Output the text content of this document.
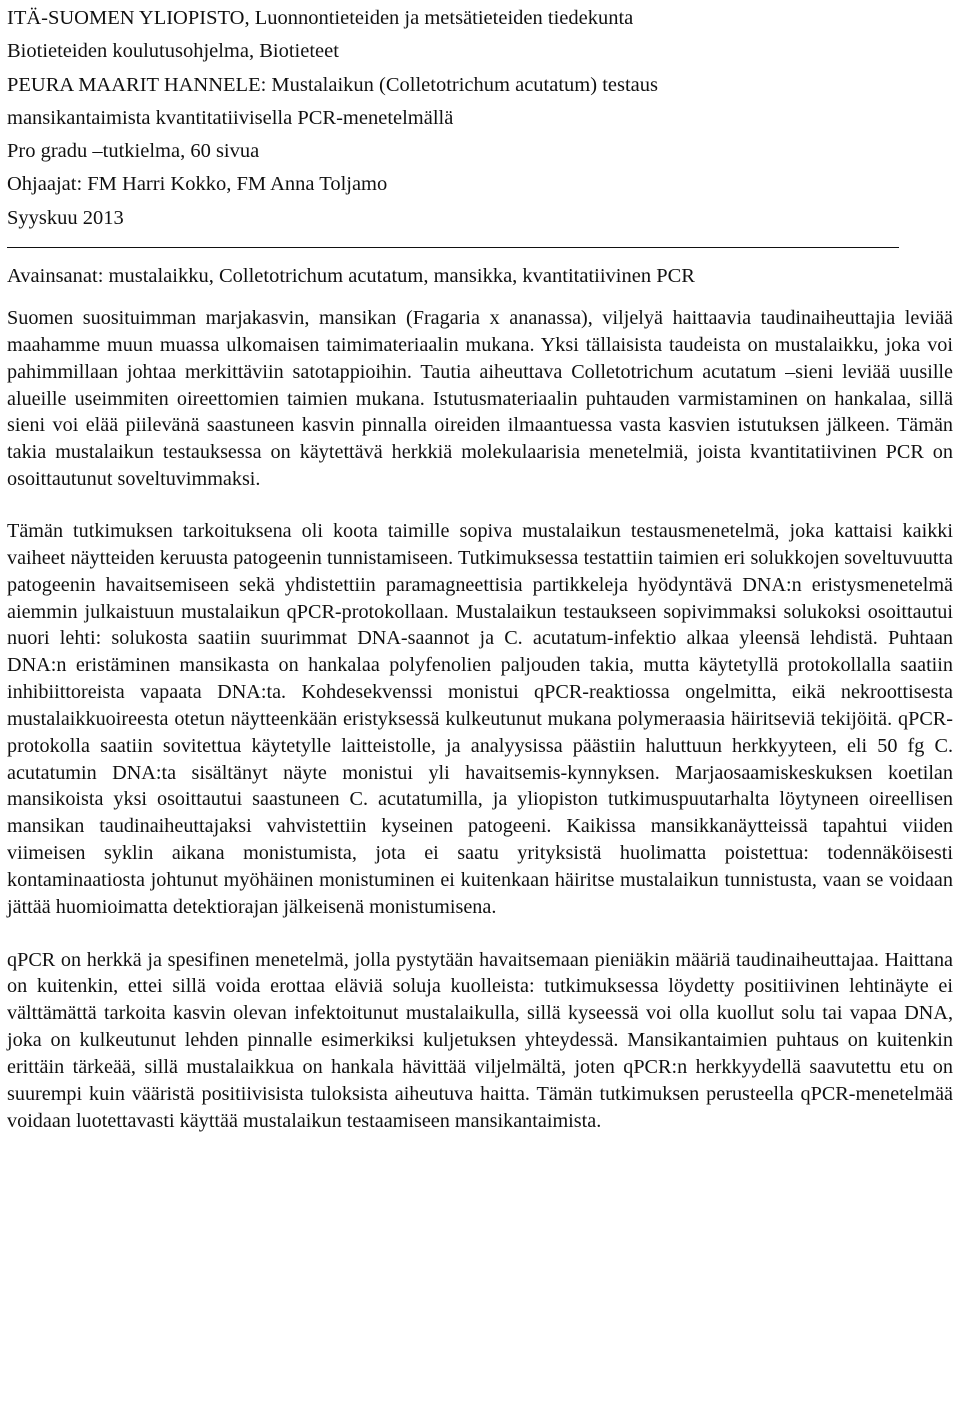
ITÄ-SUOMEN YLIOPISTO, Luonnontieteiden ja metsätieteiden tiedekunta
Biotieteiden koulutusohjelma, Biotieteet
PEURA MAARIT HANNELE: Mustalaikun (Colletotrichum acutatum) testaus
mansikantaimista kvantitatiivisella PCR-menetelmällä
Pro gradu –tutkielma, 60 sivua
Ohjaajat: FM Harri Kokko, FM Anna Toljamo
Syyskuu 2013
Avainsanat: mustalaikku, Colletotrichum acutatum, mansikka, kvantitatiivinen PCR

Suomen suosituimman marjakasvin, mansikan (Fragaria x ananassa), viljelyä haittaavia taudinaiheuttajia leviää maahamme muun muassa ulkomaisen taimimateriaalin mukana. Yksi tällaisista taudeista on mustalaikku, joka voi pahimmillaan johtaa merkittäviin satotappioihin. Tautia aiheuttava Colletotrichum acutatum –sieni leviää uusille alueille useimmiten oireettomien taimien mukana. Istutusmateriaalin puhtauden varmistaminen on hankalaa, sillä sieni voi elää piilevänä saastuneen kasvin pinnalla oireiden ilmaantuessa vasta kasvien istutuksen jälkeen. Tämän takia mustalaikun testauksessa on käytettävä herkkiä molekulaarisia menetelmiä, joista kvantitatiivinen PCR on osoittautunut soveltuvimmaksi.

Tämän tutkimuksen tarkoituksena oli koota taimille sopiva mustalaikun testausmenetelmä, joka kattaisi kaikki vaiheet näytteiden keruusta patogeenin tunnistamiseen. Tutkimuksessa testattiin taimien eri solukkojen soveltuvuutta patogeenin havaitsemiseen sekä yhdistettiin paramagneettisia partikkeleja hyödyntävä DNA:n eristysmenetelmä aiemmin julkaistuun mustalaikun qPCR-protokollaan. Mustalaikun testaukseen sopivimmaksi solukoksi osoittautui nuori lehti: solukosta saatiin suurimmat DNA-saannot ja C. acutatum-infektio alkaa yleensä lehdistä. Puhtaan DNA:n eristäminen mansikasta on hankalaa polyfenolien paljouden takia, mutta käytetyllä protokollalla saatiin inhibiittoreista vapaata DNA:ta. Kohdesekvenssi monistui qPCR-reaktiossa ongelmitta, eikä nekroottisesta mustalaikkuoireesta otetun näytteenkään eristyksessä kulkeutunut mukana polymeraasia häiritseviä tekijöitä. qPCR-protokolla saatiin sovitettua käytetylle laitteistolle, ja analyysissa päästiin haluttuun herkkyyteen, eli 50 fg C. acutatumin DNA:ta sisältänyt näyte monistui yli havaitsemis-kynnyksen. Marjaosaamiskeskuksen koetilan mansikoista yksi osoittautui saastuneen C. acutatumilla, ja yliopiston tutkimuspuutarhalta löytyneen oireellisen mansikan taudinaiheuttajaksi vahvistettiin kyseinen patogeeni. Kaikissa mansikkanäytteissä tapahtui viiden viimeisen syklin aikana monistumista, jota ei saatu yrityksistä huolimatta poistettua: todennäköisesti kontaminaatiosta johtunut myöhäinen monistuminen ei kuitenkaan häiritse mustalaikun tunnistusta, vaan se voidaan jättää huomioimatta detektiorajan jälkeisenä monistumisena.

qPCR on herkkä ja spesifinen menetelmä, jolla pystytään havaitsemaan pieniäkin määriä taudinaiheuttajaa. Haittana on kuitenkin, ettei sillä voida erottaa eläviä soluja kuolleista: tutkimuksessa löydetty positiivinen lehtinäyte ei välttämättä tarkoita kasvin olevan infektoitunut mustalaikulla, sillä kyseessä voi olla kuollut solu tai vapaa DNA, joka on kulkeutunut lehden pinnalle esimerkiksi kuljetuksen yhteydessä. Mansikantaimien puhtaus on kuitenkin erittäin tärkeää, sillä mustalaikkua on hankala hävittää viljelmältä, joten qPCR:n herkkyydellä saavutettu etu on suurempi kuin vääristä positiivisista tuloksista aiheutuva haitta. Tämän tutkimuksen perusteella qPCR-menetelmää voidaan luotettavasti käyttää mustalaikun testaamiseen mansikantaimista.
